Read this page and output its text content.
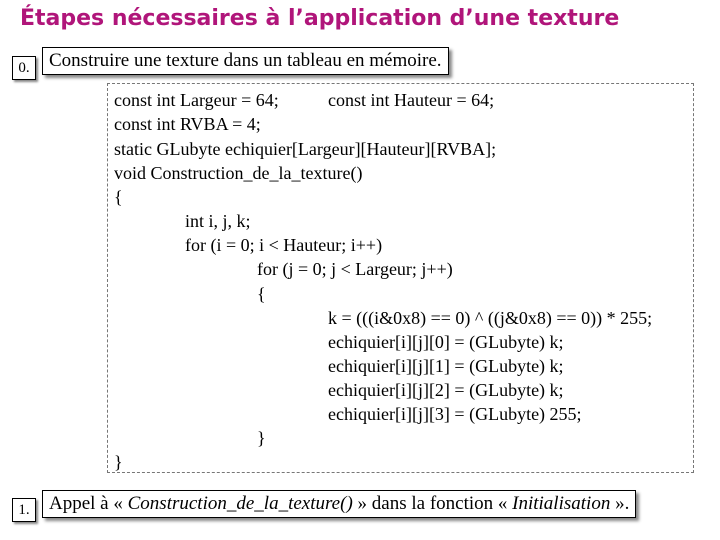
Étapes nécessaires à l’application d’une texture
0.	Construire une texture dans un tableau en mémoire.
const int Largeur = 64;	const int Hauteur = 64;
const int RVBA = 4;
static GLubyte echiquier[Largeur][Hauteur][RVBA];
void Construction_de_la_texture()
{
int i, j, k;
for (i = 0; i < Hauteur; i++)
for (j = 0; j < Largeur; j++)
{
k = (((i&0x8) == 0) ^ ((j&0x8) == 0)) * 255;
echiquier[i][j][0] = (GLubyte) k;
echiquier[i][j][1] = (GLubyte) k;
echiquier[i][j][2] = (GLubyte) k;
echiquier[i][j][3] = (GLubyte) 255;
}
}
1.	Appel à « Construction_de_la_texture() » dans la fonction « Initialisation ».
